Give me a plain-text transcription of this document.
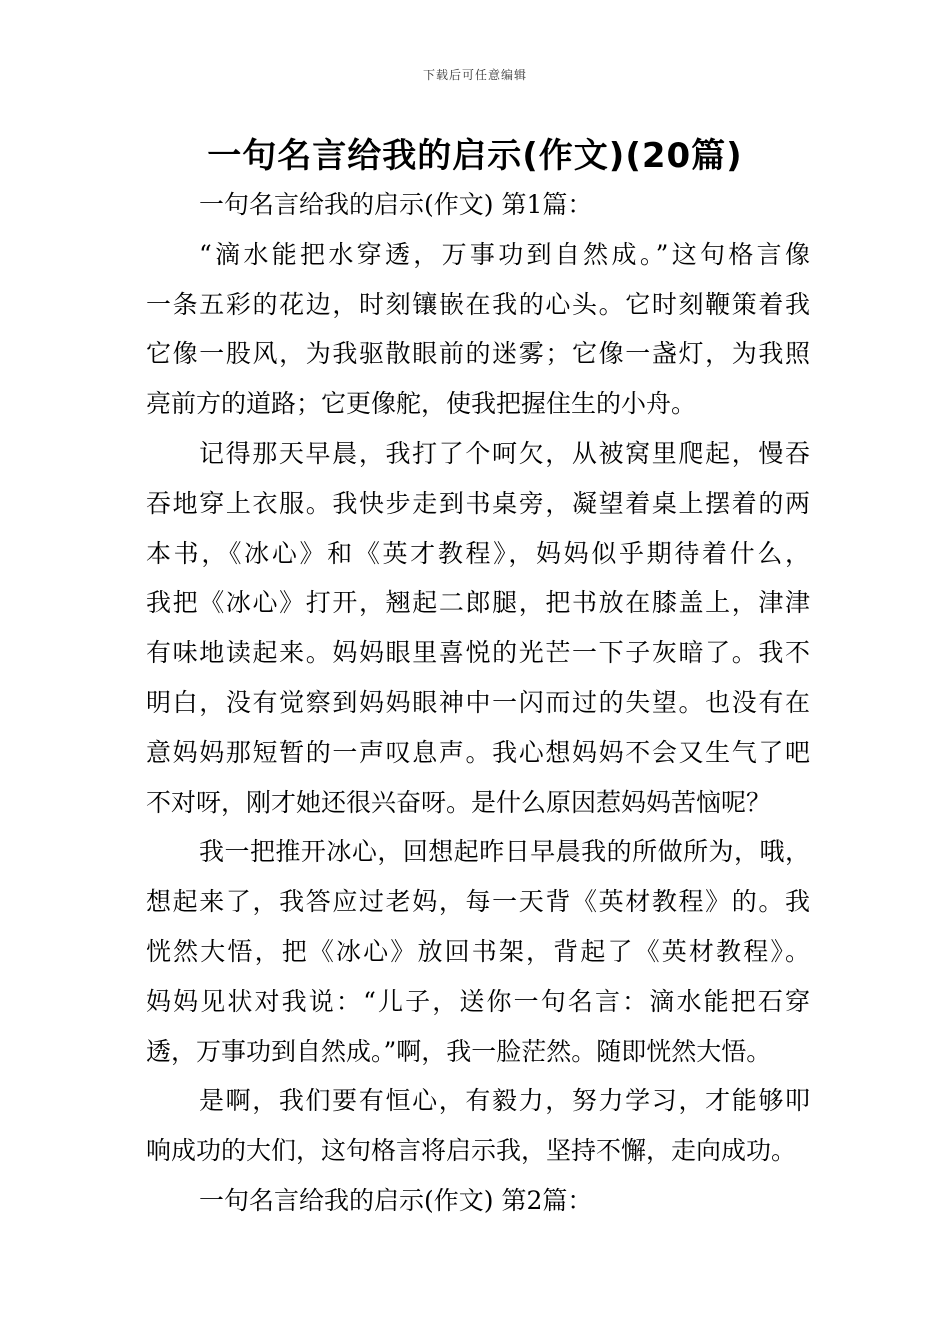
下载后可任意编辑
一句名言给我的启示(作文)(20篇)
一句名言给我的启示(作文) 第1篇：
“滴水能把水穿透，万事功到自然成。”这句格言像
一条五彩的花边，时刻镶嵌在我的心头。它时刻鞭策着我
它像一股风，为我驱散眼前的迷雾；它像一盏灯，为我照
亮前方的道路；它更像舵，使我把握住生的小舟。
记得那天早晨，我打了个呵欠，从被窝里爬起，慢吞
吞地穿上衣服。我快步走到书桌旁，凝望着桌上摆着的两
本书，《冰心》和《英才教程》，妈妈似乎期待着什么，
我把《冰心》打开，翘起二郎腿，把书放在膝盖上，津津
有味地读起来。妈妈眼里喜悦的光芒一下子灰暗了。我不
明白，没有觉察到妈妈眼神中一闪而过的失望。也没有在
意妈妈那短暂的一声叹息声。我心想妈妈不会又生气了吧
不对呀，刚才她还很兴奋呀。是什么原因惹妈妈苦恼呢？
我一把推开冰心，回想起昨日早晨我的所做所为，哦，
想起来了，我答应过老妈，每一天背《英材教程》的。我
恍然大悟，把《冰心》放回书架，背起了《英材教程》。
妈妈见状对我说：“儿子，送你一句名言：滴水能把石穿
透，万事功到自然成。”啊，我一脸茫然。随即恍然大悟。
是啊，我们要有恒心，有毅力，努力学习，才能够叩
响成功的大们，这句格言将启示我，坚持不懈，走向成功。
一句名言给我的启示(作文) 第2篇：
